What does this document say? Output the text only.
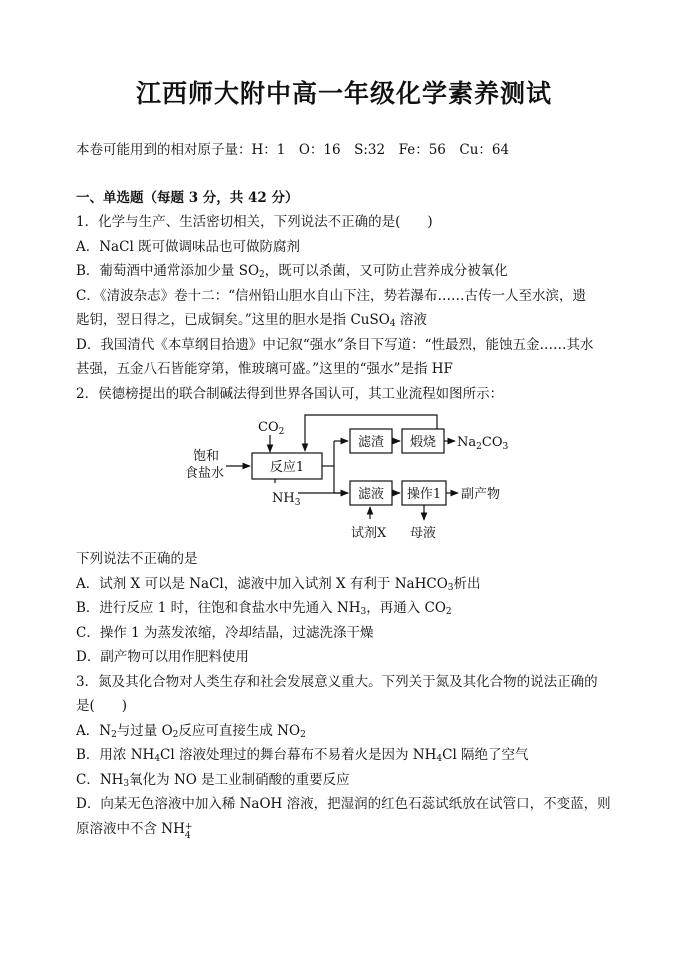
江西师大附中高一年级化学素养测试
本卷可能用到的相对原子量：H：1　O：16　S:32　Fe：56　Cu：64
一、单选题（每题 3 分，共 42 分）
1．化学与生产、生活密切相关，下列说法不正确的是(　　)
A．NaCl 既可做调味品也可做防腐剂
B．葡萄酒中通常添加少量 $SO_2$，既可以杀菌，又可防止营养成分被氧化
C．《清波杂志》卷十二：“信州铅山胆水自山下注，势若瀑布……古传一人至水滨，遗
匙钥，翌日得之，已成铜矣。”这里的胆水是指 CuSO$_4$ 溶液
D．我国清代《本草纲目拾遗》中记叙“强水”条目下写道：“性最烈，能蚀五金……其水
甚强，五金八石皆能穿第，惟玻璃可盛。”这里的“强水”是指 HF
2．侯德榜提出的联合制碱法得到世界各国认可，其工业流程如图所示：
$CO_2$
饱和
食盐水	反应1
$NH_3$
滤渣 煅烧 $Na_2CO_3$
滤液 操作1 副产物
试剂X 母液
下列说法不正确的是
A．试剂 X 可以是 NaCl，滤液中加入试剂 X 有利于 NaHCO$_3$析出
B．进行反应 1 时，往饱和食盐水中先通入 $NH_3$，再通入 $CO_2$
C．操作 1 为蒸发浓缩，冷却结晶，过滤洗涤干燥
D．副产物可以用作肥料使用
3．氮及其化合物对人类生存和社会发展意义重大。下列关于氮及其化合物的说法正确的
是(　　)
A．$N_2$与过量 $O_2$反应可直接生成 $NO_2$
B．用浓 $NH_4Cl$ 溶液处理过的舞台幕布不易着火是因为 $NH_4Cl$ 隔绝了空气
C．$NH_3$氧化为 NO 是工业制硝酸的重要反应
D．向某无色溶液中加入稀 NaOH 溶液，把湿润的红色石蕊试纸放在试管口，不变蓝，则
原溶液中不含 NH +
4
